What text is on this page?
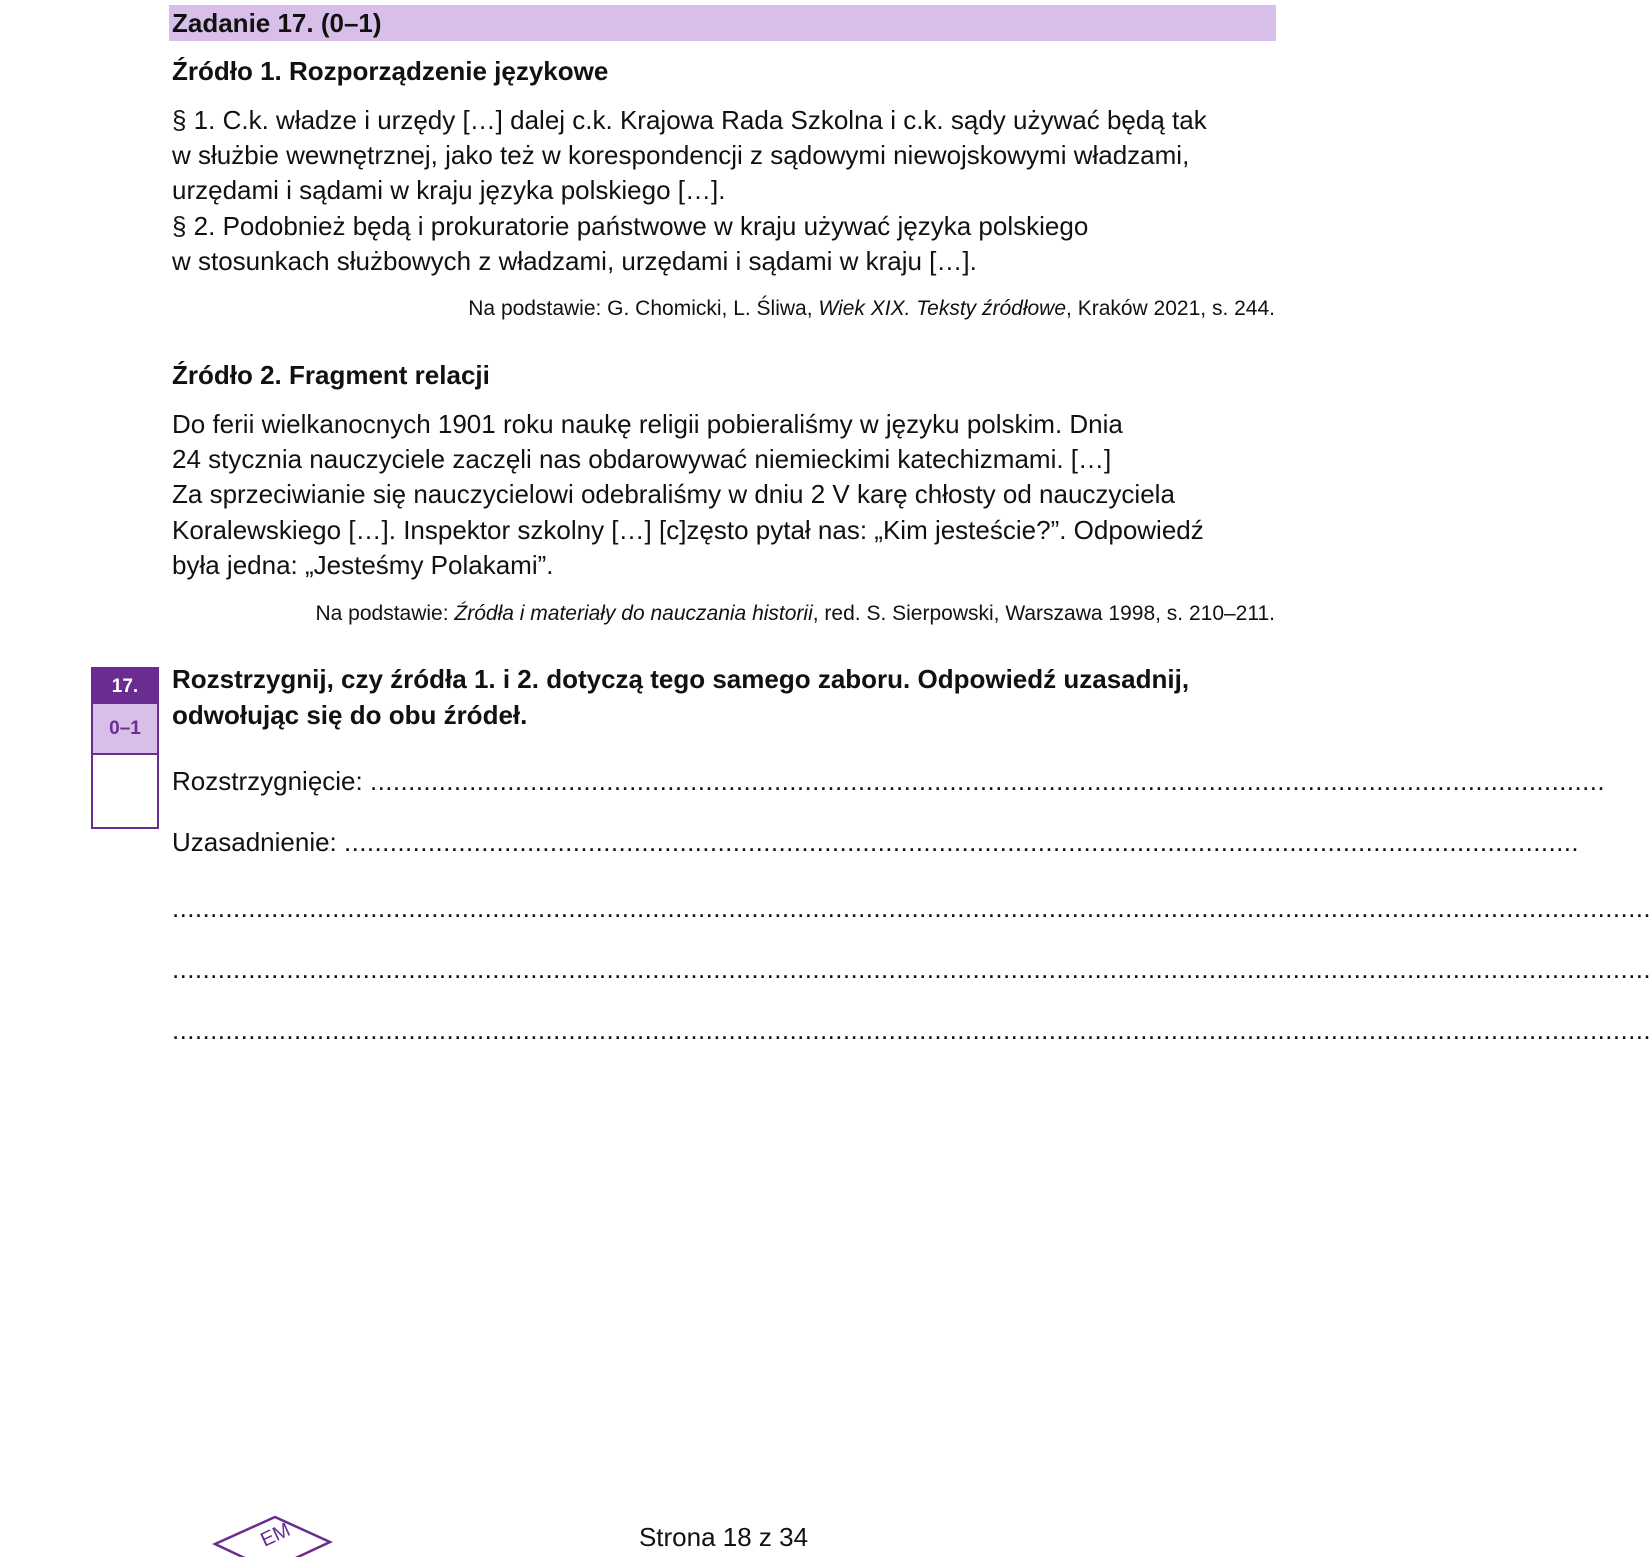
Zadanie 17. (0–1)
Źródło 1. Rozporządzenie językowe
§ 1. C.k. władze i urzędy […] dalej c.k. Krajowa Rada Szkolna i c.k. sądy używać będą tak
w służbie wewnętrznej, jako też w korespondencji z sądowymi niewojskowymi władzami,
urzędami i sądami w kraju języka polskiego […].
§ 2. Podobnież będą i prokuratorie państwowe w kraju używać języka polskiego
w stosunkach służbowych z władzami, urzędami i sądami w kraju […].
Na podstawie: G. Chomicki, L. Śliwa, Wiek XIX. Teksty źródłowe, Kraków 2021, s. 244.
Źródło 2. Fragment relacji
Do ferii wielkanocnych 1901 roku naukę religii pobieraliśmy w języku polskim. Dnia
24 stycznia nauczyciele zaczęli nas obdarowywać niemieckimi katechizmami. […]
Za sprzeciwianie się nauczycielowi odebraliśmy w dniu 2 V karę chłosty od nauczyciela
Koralewskiego […]. Inspektor szkolny […] [c]zęsto pytał nas: „Kim jesteście?”. Odpowiedź
była jedna: „Jesteśmy Polakami”.
Na podstawie: Źródła i materiały do nauczania historii, red. S. Sierpowski, Warszawa 1998, s. 210–211.
17.
0–1
Rozstrzygnij, czy źródła 1. i 2. dotyczą tego samego zaboru. Odpowiedź uzasadnij,
odwołując się do obu źródeł.
Rozstrzygnięcie: ..................................................................................................................................................................
Uzasadnienie: ..................................................................................................................................................................
..................................................................................................................................................................................................
..................................................................................................................................................................................................
..................................................................................................................................................................................................
EM	Strona 18 z 34
